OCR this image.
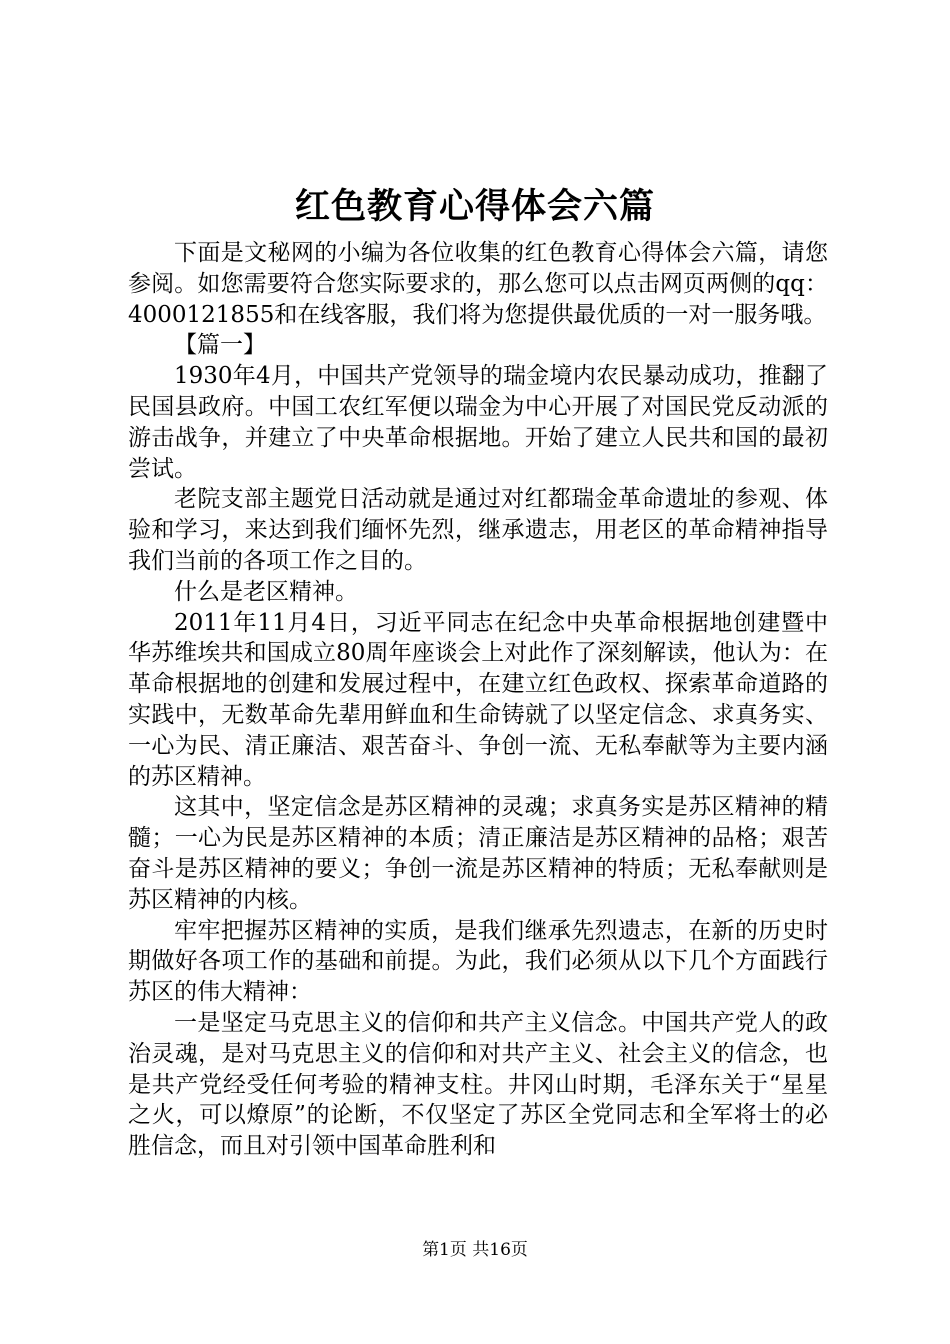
红色教育心得体会六篇

下面是文秘网的小编为各位收集的红色教育心得体会六篇，请您参阅。如您需要符合您实际要求的，那么您可以点击网页两侧的qq：4000121855和在线客服，我们将为您提供最优质的一对一服务哦。

【篇一】

1930年4月，中国共产党领导的瑞金境内农民暴动成功，推翻了民国县政府。中国工农红军便以瑞金为中心开展了对国民党反动派的游击战争，并建立了中央革命根据地。开始了建立人民共和国的最初尝试。

老院支部主题党日活动就是通过对红都瑞金革命遗址的参观、体验和学习，来达到我们缅怀先烈，继承遗志，用老区的革命精神指导我们当前的各项工作之目的。

什么是老区精神。

2011年11月4日，习近平同志在纪念中央革命根据地创建暨中华苏维埃共和国成立80周年座谈会上对此作了深刻解读，他认为：在革命根据地的创建和发展过程中，在建立红色政权、探索革命道路的实践中，无数革命先辈用鲜血和生命铸就了以坚定信念、求真务实、一心为民、清正廉洁、艰苦奋斗、争创一流、无私奉献等为主要内涵的苏区精神。

这其中，坚定信念是苏区精神的灵魂；求真务实是苏区精神的精髓；一心为民是苏区精神的本质；清正廉洁是苏区精神的品格；艰苦奋斗是苏区精神的要义；争创一流是苏区精神的特质；无私奉献则是苏区精神的内核。

牢牢把握苏区精神的实质，是我们继承先烈遗志，在新的历史时期做好各项工作的基础和前提。为此，我们必须从以下几个方面践行苏区的伟大精神：

一是坚定马克思主义的信仰和共产主义信念。中国共产党人的政治灵魂，是对马克思主义的信仰和对共产主义、社会主义的信念，也是共产党经受任何考验的精神支柱。井冈山时期，毛泽东关于“星星之火，可以燎原”的论断，不仅坚定了苏区全党同志和全军将士的必胜信念，而且对引领中国革命胜利和

第1页 共16页
